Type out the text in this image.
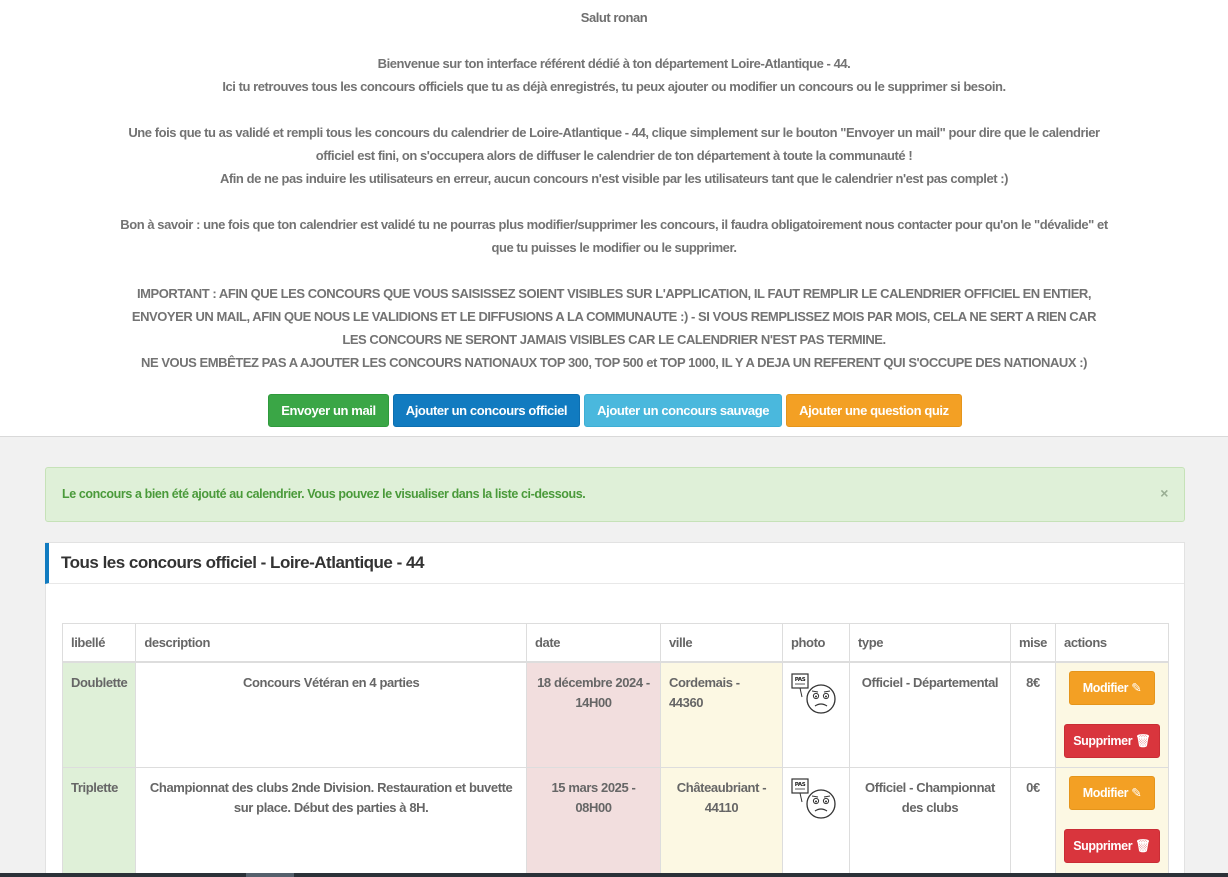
Salut ronan

Bienvenue sur ton interface référent dédié à ton département Loire-Atlantique - 44.

Ici tu retrouves tous les concours officiels que tu as déjà enregistrés, tu peux ajouter ou modifier un concours ou le supprimer si besoin.

Une fois que tu as validé et rempli tous les concours du calendrier de Loire-Atlantique - 44, clique simplement sur le bouton "Envoyer un mail" pour dire que le calendrier officiel est fini, on s'occupera alors de diffuser le calendrier de ton département à toute la communauté !

Afin de ne pas induire les utilisateurs en erreur, aucun concours n'est visible par les utilisateurs tant que le calendrier n'est pas complet :)

Bon à savoir : une fois que ton calendrier est validé tu ne pourras plus modifier/supprimer les concours, il faudra obligatoirement nous contacter pour qu'on le "dévalide" et que tu puisses le modifier ou le supprimer.

IMPORTANT : AFIN QUE LES CONCOURS QUE VOUS SAISISSEZ SOIENT VISIBLES SUR L'APPLICATION, IL FAUT REMPLIR LE CALENDRIER OFFICIEL EN ENTIER, ENVOYER UN MAIL, AFIN QUE NOUS LE VALIDIONS ET LE DIFFUSIONS A LA COMMUNAUTE :) - SI VOUS REMPLISSEZ MOIS PAR MOIS, CELA NE SERT A RIEN CAR LES CONCOURS NE SERONT JAMAIS VISIBLES CAR LE CALENDRIER N'EST PAS TERMINE.

NE VOUS EMBÊTEZ PAS A AJOUTER LES CONCOURS NATIONAUX TOP 300, TOP 500 et TOP 1000, IL Y A DEJA UN REFERENT QUI S'OCCUPE DES NATIONAUX :)

Envoyer un mail	Ajouter un concours officiel	Ajouter un concours sauvage	Ajouter une question quiz
Le concours a bien été ajouté au calendrier. Vous pouvez le visualiser dans la liste ci-dessous.	×
Tous les concours officiel - Loire-Atlantique - 44
libellé	description	date	ville	photo	type	mise	actions
Doublette	Concours Vétéran en 4 parties	18 décembre 2024 - 14H00	Cordemais - 44360	PAS	Officiel - Départemental	8€	Modifier ✎
Supprimer 🗑

Triplette	Championnat des clubs 2nde Division. Restauration et buvette sur place. Début des parties à 8H.	15 mars 2025 - 08H00	Châteaubriant - 44110	PAS	Officiel - Championnat des clubs	0€	Modifier ✎
Supprimer 🗑
